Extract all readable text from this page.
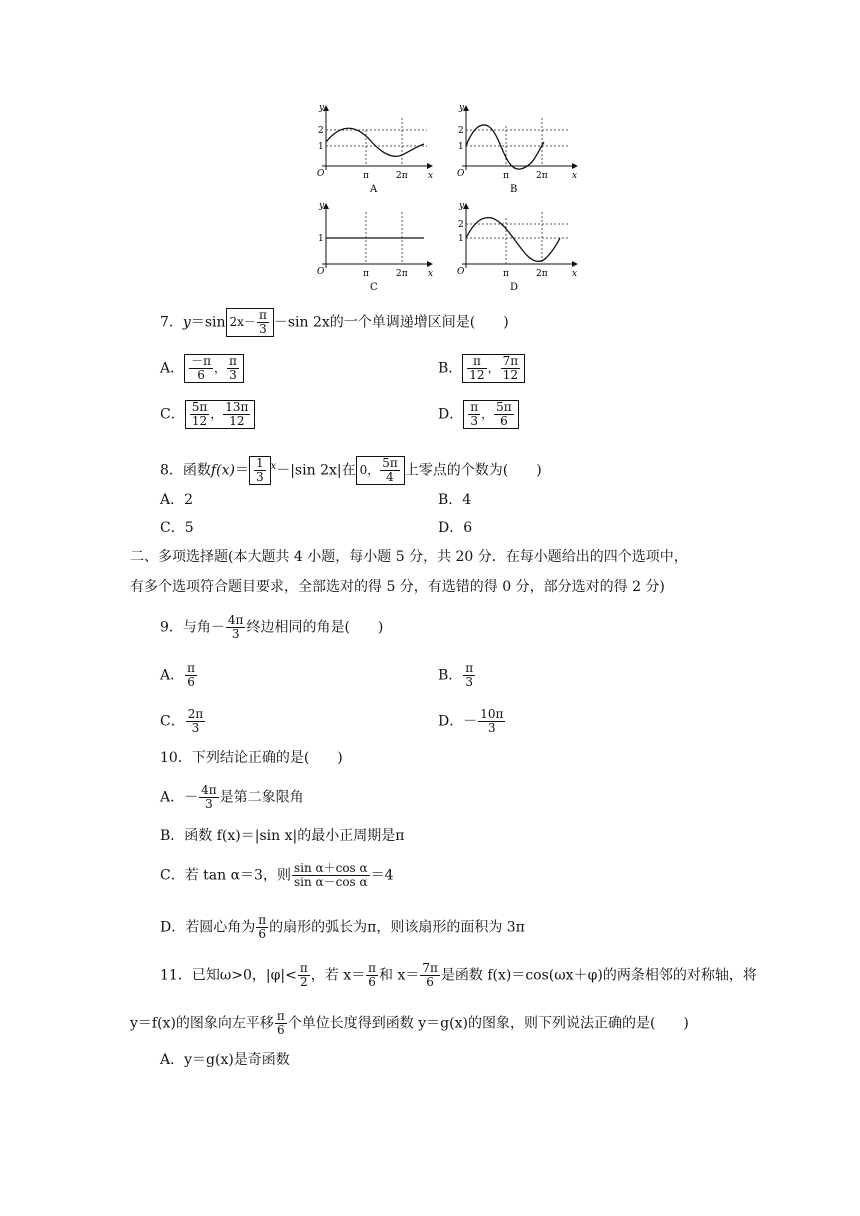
y
x
O
1
2
π	2π
A
y
x
O
1
2
π	2π
B
y
x
O
1
π	2π
C
y
x
O
1
2
π	2π
D
7．y＝sin $2x- \frac{\pi}{3} -\sin$ 2x的一个单调递增区间是(　　)
A． $\frac{-\pi}{6}$ ， $\frac{\pi}{3}$	B． $\frac{\pi}{12}$ ， $\frac{7\pi}{12}$
C． $\frac{5\pi}{12}$ ， $\frac{13\pi}{12}$	D． $\frac{\pi}{3}$ ， $\frac{5\pi}{6}$
8．函数$f(x)= \frac{1}{3} ^x-|\sin$ 2x|在 0， $\frac{5\pi}{4}$ 上零点的个数为(　　)
A．2	B．4
C．5	D．6
二、多项选择题(本大题共 4 小题，每小题 5 分，共 20 分．在每小题给出的四个选项中，
有多个选项符合题目要求，全部选对的得 5 分，有选错的得 0 分，部分选对的得 2 分)
9．与角－ $\frac{4\pi}{3}$ 终边相同的角是(　　)
A． $\frac{\pi}{6}$	B． $\frac{\pi}{3}$
C． $\frac{2\pi}{3}$	D．－ $\frac{10\pi}{3}$
10．下列结论正确的是(　　)
A．－ $\frac{4\pi}{3}$ 是第二象限角
B．函数 f(x)＝|sin x|的最小正周期是π
C．若 tan α＝3，则 $\frac{\text{sin α＋cos α}}{\text{sin α－cos α}} =4$
D．若圆心角为 $\frac{\pi}{6}$ 的扇形的弧长为π，则该扇形的面积为 3π
11．已知ω>0，$|\varphi|< \frac{\pi}{2}$ ，若 $x= \frac{\pi}{6}$ 和 $x= \frac{7\pi}{6}$ 是函数 f(x)＝cos(ωx＋φ)的两条相邻的对称轴，将
y＝f(x)的图象向左平移 $\frac{\pi}{6}$ 个单位长度得到函数 y＝g(x)的图象，则下列说法正确的是(　　)
A．y＝g(x)是奇函数
